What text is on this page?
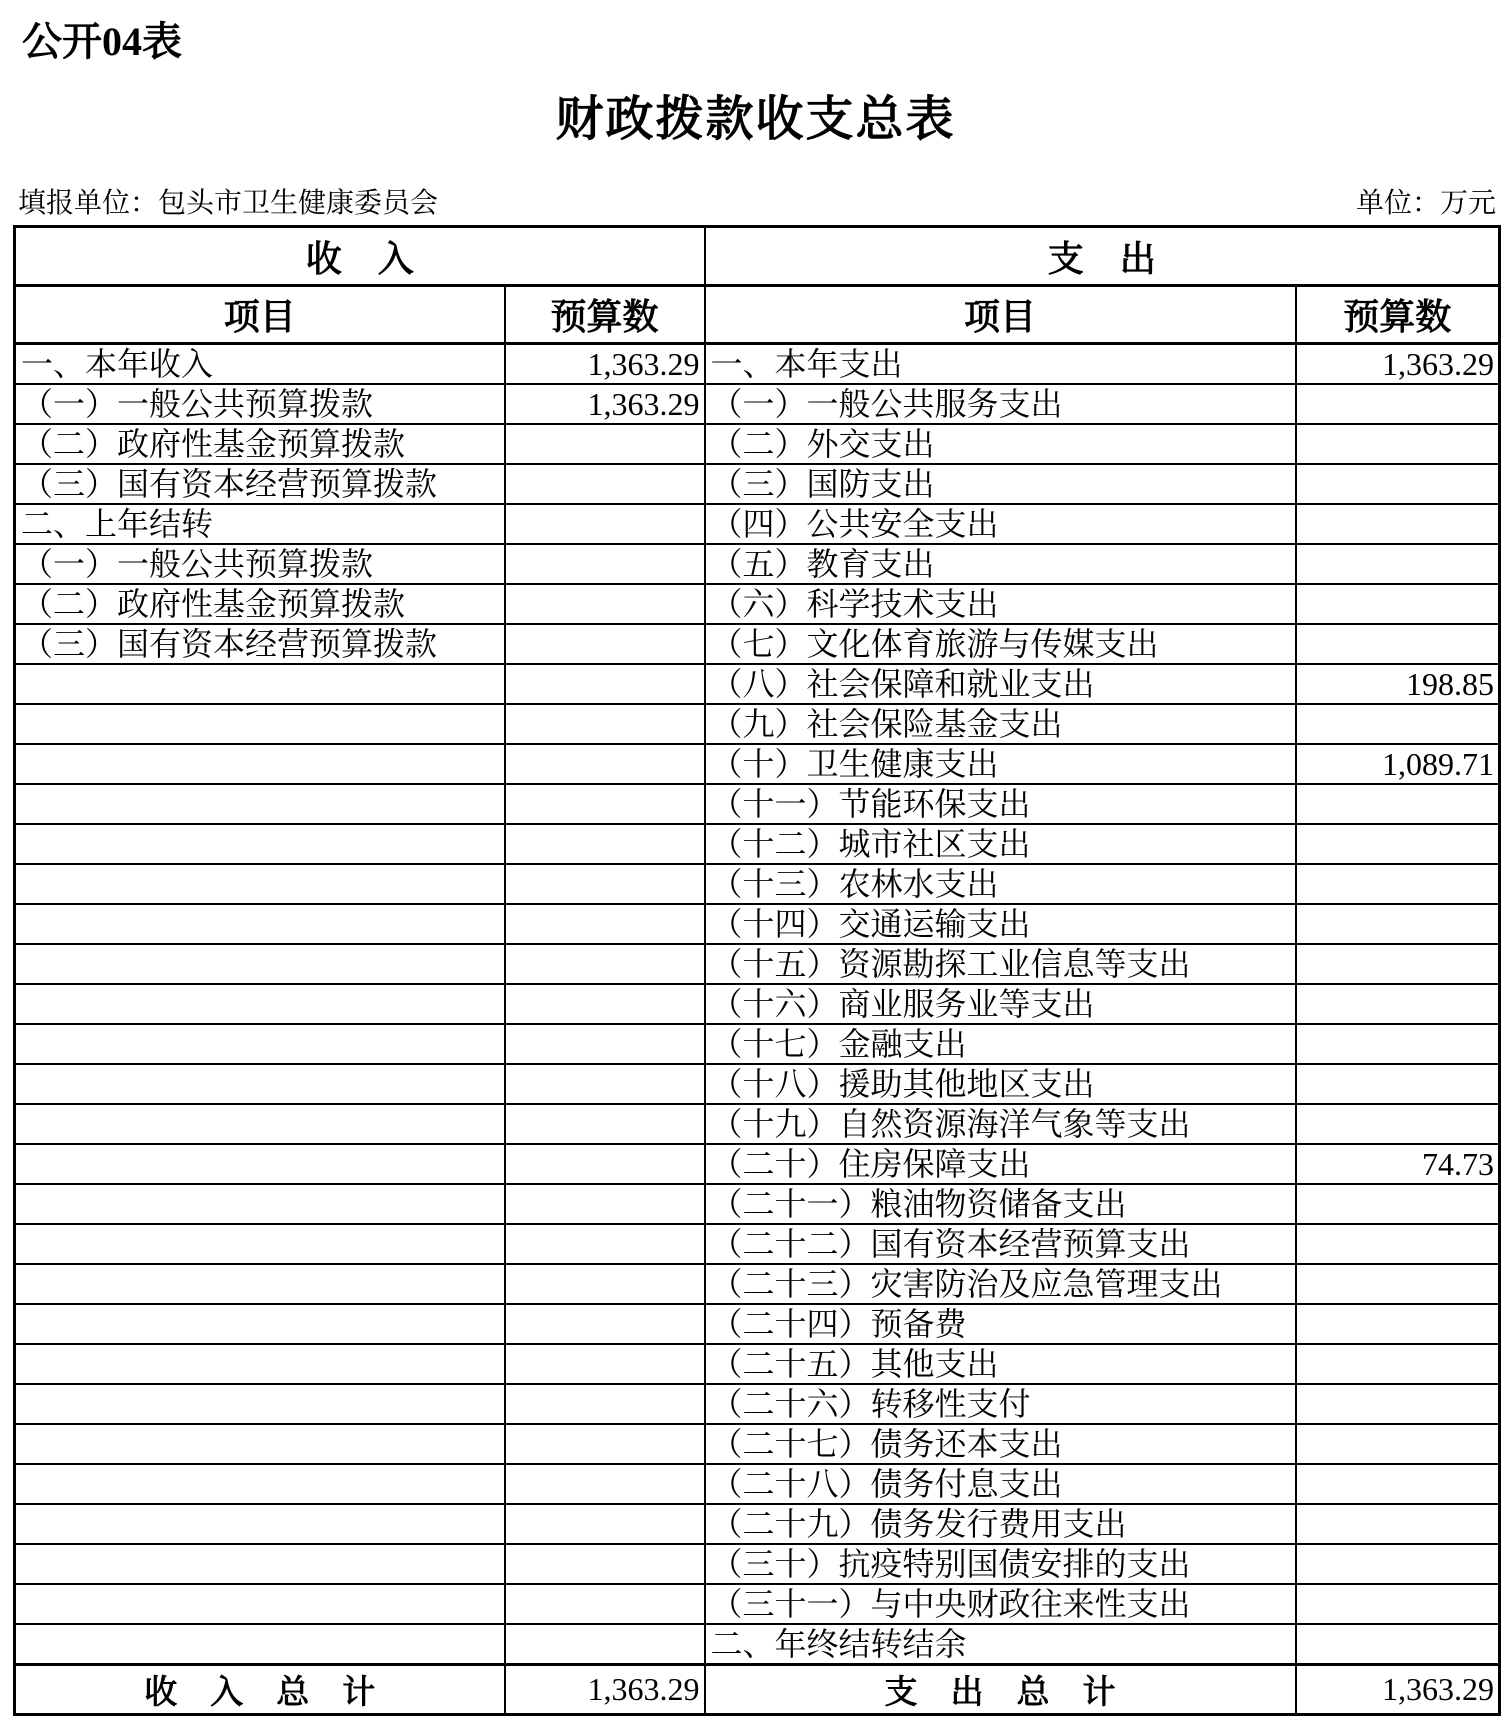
公开04表
财政拨款收支总表
填报单位：包头市卫生健康委员会	单位：万元
收　入		支　出	
项目	预算数	项目	预算数
一、本年收入	1,363.29	一、本年支出	1,363.29
（一）一般公共预算拨款	1,363.29	（一）一般公共服务支出	
（二）政府性基金预算拨款		（二）外交支出	
（三）国有资本经营预算拨款		（三）国防支出	
二、上年结转		（四）公共安全支出	
（一）一般公共预算拨款		（五）教育支出	
（二）政府性基金预算拨款		（六）科学技术支出	
（三）国有资本经营预算拨款		（七）文化体育旅游与传媒支出	
		（八）社会保障和就业支出	198.85
		（九）社会保险基金支出	
		（十）卫生健康支出	1,089.71
		（十一）节能环保支出	
		（十二）城市社区支出	
		（十三）农林水支出	
		（十四）交通运输支出	
		（十五）资源勘探工业信息等支出	
		（十六）商业服务业等支出	
		（十七）金融支出	
		（十八）援助其他地区支出	
		（十九）自然资源海洋气象等支出	
		（二十）住房保障支出	74.73
		（二十一）粮油物资储备支出	
		（二十二）国有资本经营预算支出	
		（二十三）灾害防治及应急管理支出	
		（二十四）预备费	
		（二十五）其他支出	
		（二十六）转移性支付	
		（二十七）债务还本支出	
		（二十八）债务付息支出	
		（二十九）债务发行费用支出	
		（三十）抗疫特别国债安排的支出	
		（三十一）与中央财政往来性支出	
		二、年终结转结余	
收　入　总　计	1,363.29	支　出　总　计	1,363.29
